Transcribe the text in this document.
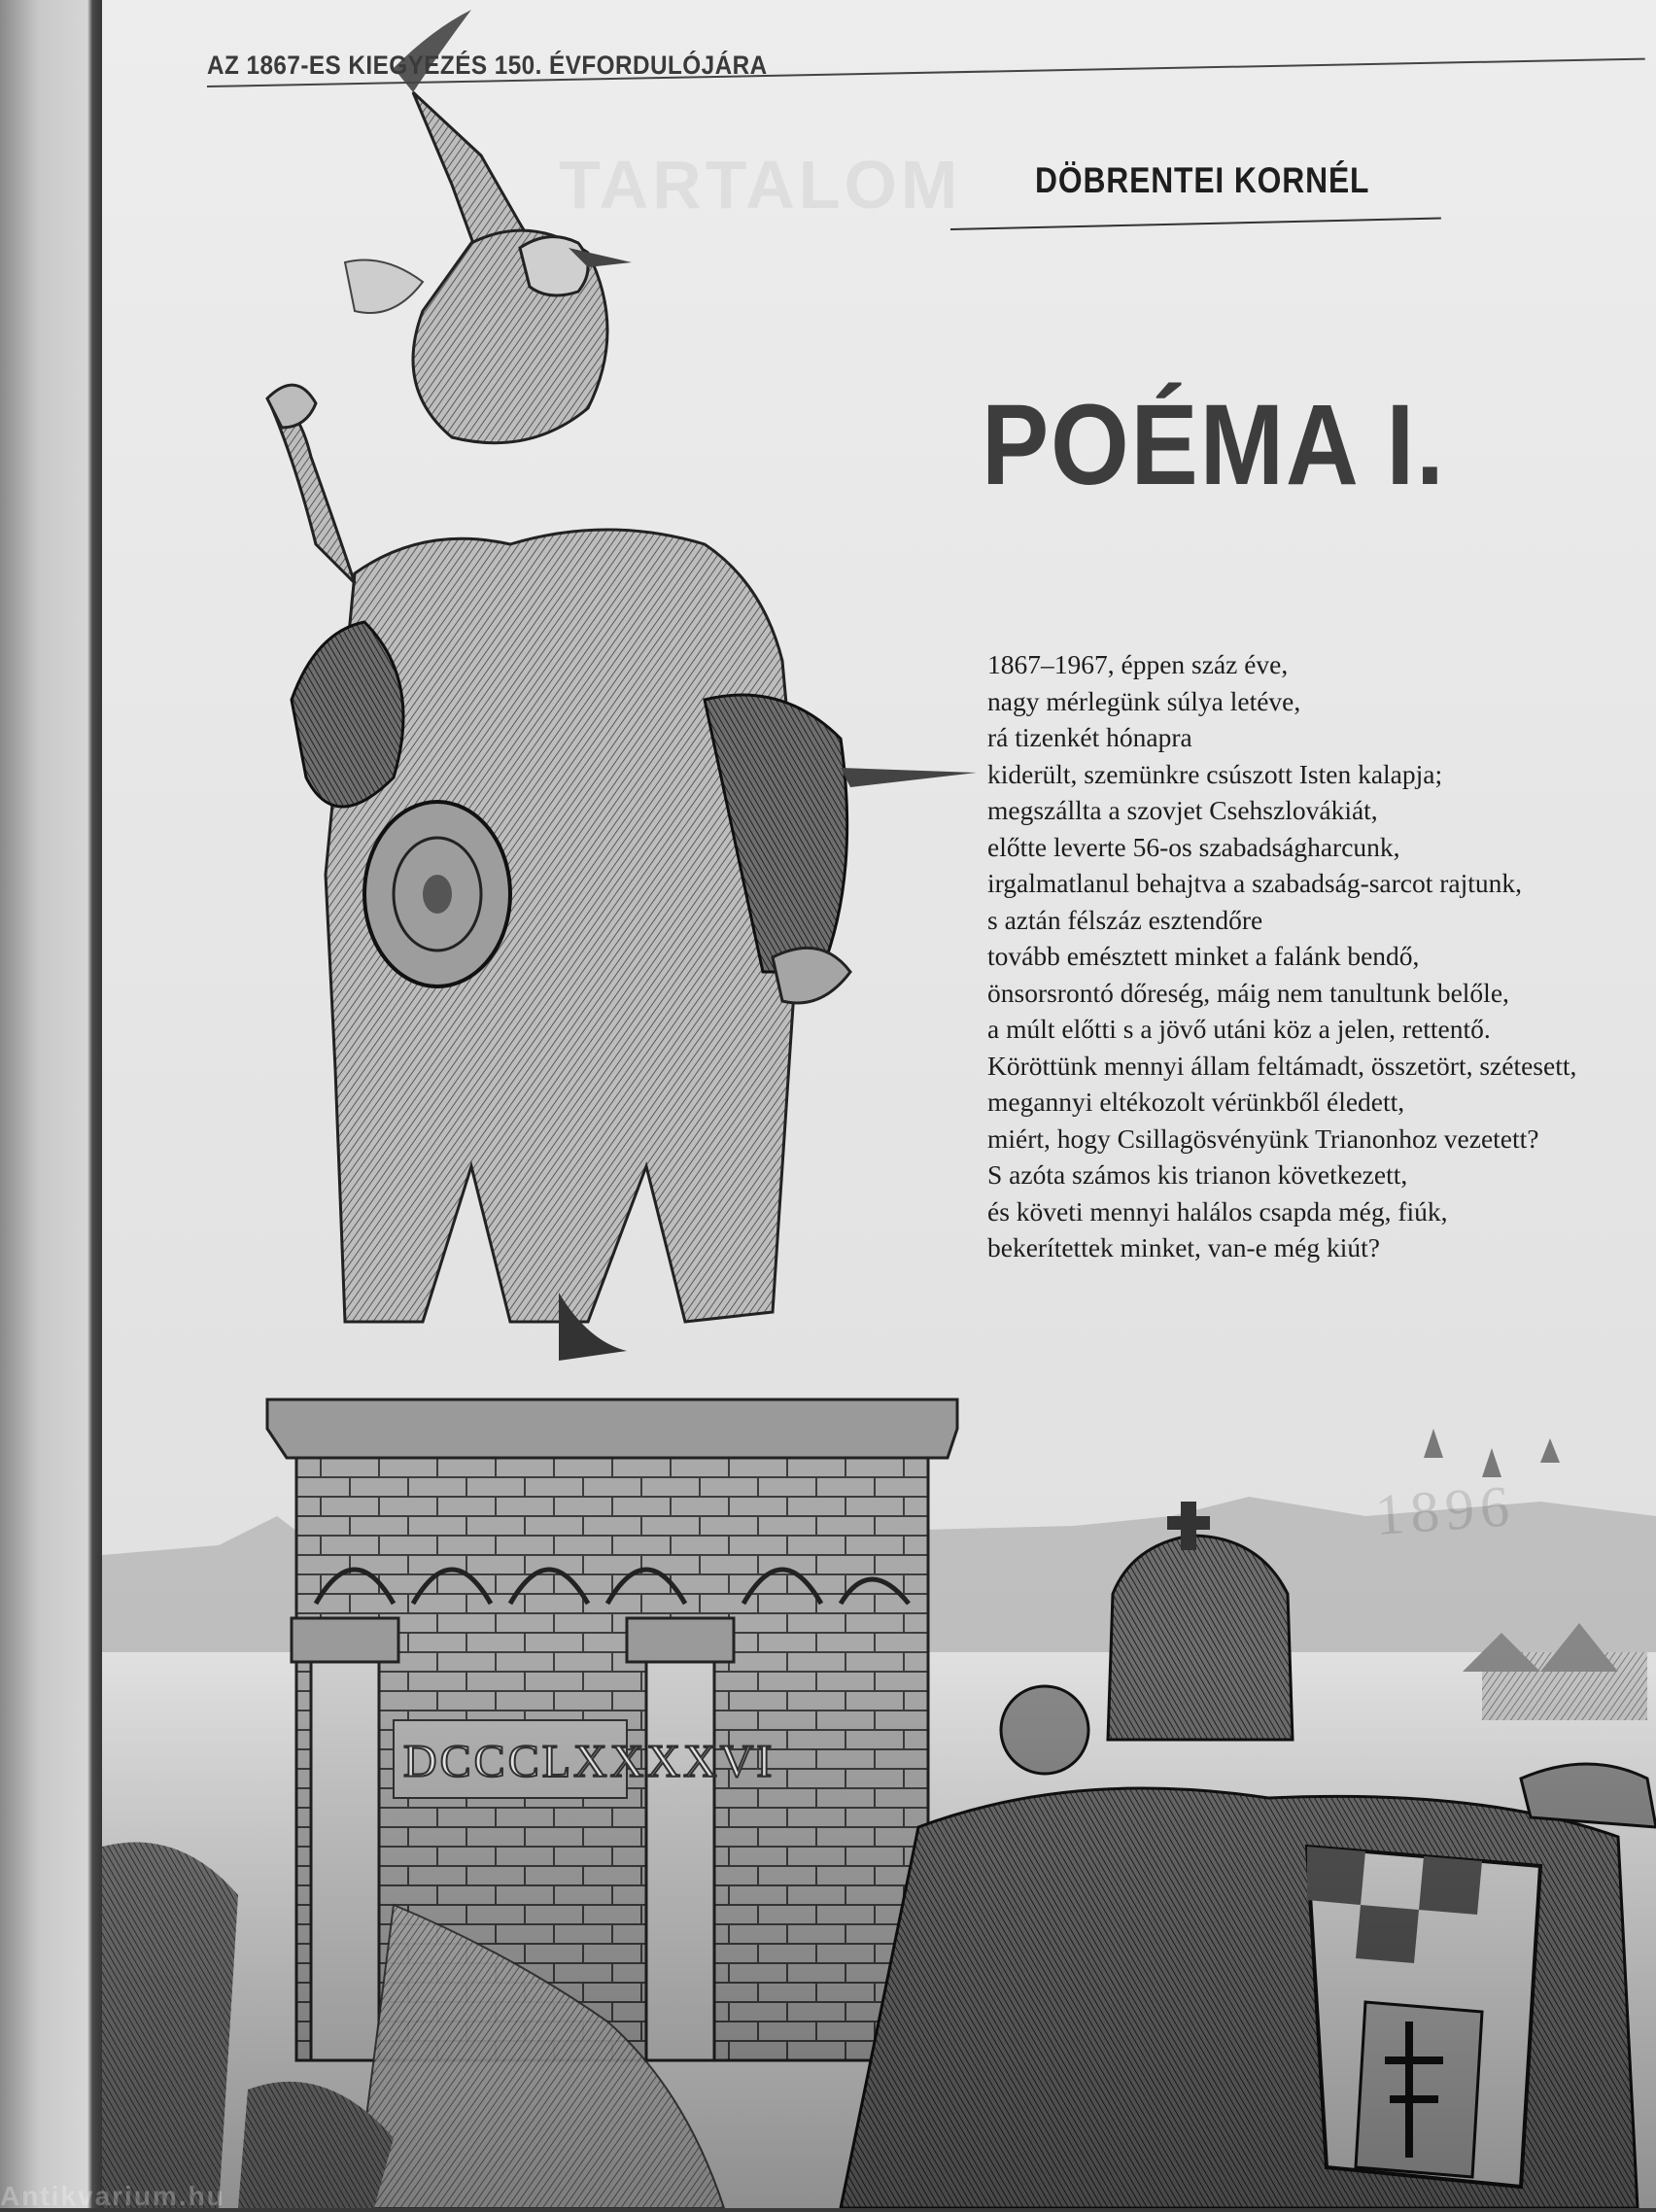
TARTALOM
AZ 1867-ES KIEGYEZÉS 150. ÉVFORDULÓJÁRA
DÖBRENTEI KORNÉL
POÉMA I.
1896
1867–1967, éppen száz éve,
nagy mérlegünk súlya letéve,
rá tizenkét hónapra
kiderült, szemünkre csúszott Isten kalapja;
megszállta a szovjet Csehszlovákiát,
előtte leverte 56-os szabadságharcunk,
irgalmatlanul behajtva a szabadság-sarcot rajtunk,
s aztán félszáz esztendőre
tovább emésztett minket a falánk bendő,
önsorsrontó dőreség, máig nem tanultunk belőle,
a múlt előtti s a jövő utáni köz a jelen, rettentő.
Köröttünk mennyi állam feltámadt, összetört, szétesett,
megannyi eltékozolt vérünkből éledett,
miért, hogy Csillagösvényünk Trianonhoz vezetett?
S azóta számos kis trianon következett,
és követi mennyi halálos csapda még, fiúk,
bekerítettek minket, van-e még kiút?
Antikvarium.hu
